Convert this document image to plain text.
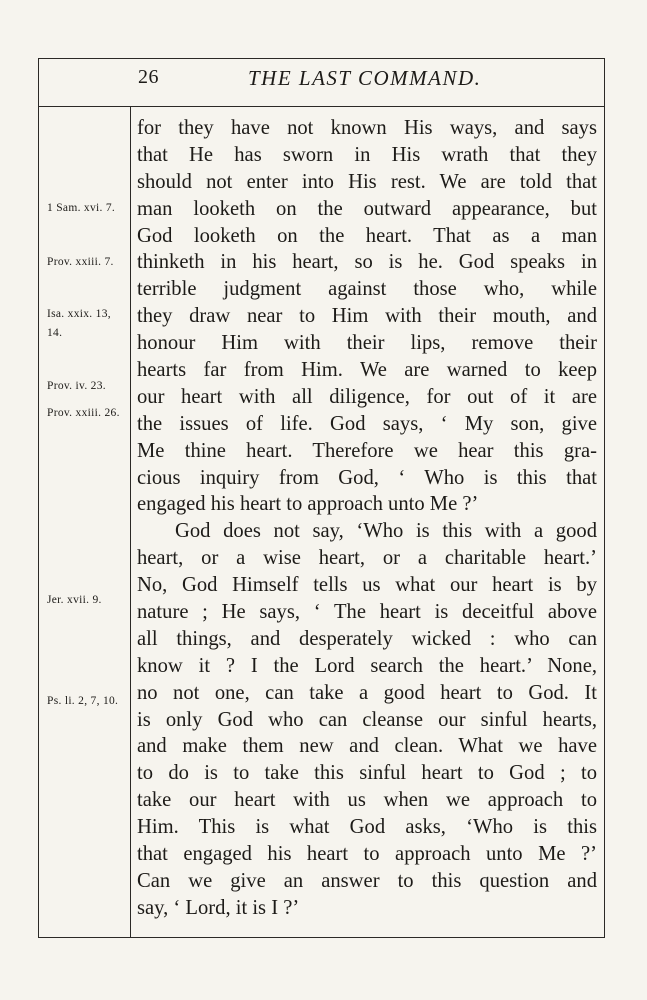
26	THE LAST COMMAND.
1 Sam. xvi. 7.
Prov. xxiii. 7.
Isa. xxix. 13, 14.
Prov. iv. 23.
Prov. xxiii. 26.
Jer. xvii. 9.
Ps. li. 2, 7, 10.
for they have not known His ways, and says
that He has sworn in His wrath that they
should not enter into His rest. We are told that
man looketh on the outward appearance, but
God looketh on the heart. That as a man
thinketh in his heart, so is he. God speaks in
terrible judgment against those who, while
they draw near to Him with their mouth, and
honour Him with their lips, remove their
hearts far from Him. We are warned to keep
our heart with all diligence, for out of it are
the issues of life. God says, ‘ My son, give
Me thine heart. Therefore we hear this gra-
cious inquiry from God, ‘ Who is this that
engaged his heart to approach unto Me ?’
God does not say, ‘Who is this with a good
heart, or a wise heart, or a charitable heart.’
No, God Himself tells us what our heart is by
nature ; He says, ‘ The heart is deceitful above
all things, and desperately wicked : who can
know it ? I the Lord search the heart.’ None,
no not one, can take a good heart to God. It
is only God who can cleanse our sinful hearts,
and make them new and clean. What we have
to do is to take this sinful heart to God ; to
take our heart with us when we approach to
Him. This is what God asks, ‘Who is this
that engaged his heart to approach unto Me ?’
Can we give an answer to this question and
say, ‘ Lord, it is I ?’
